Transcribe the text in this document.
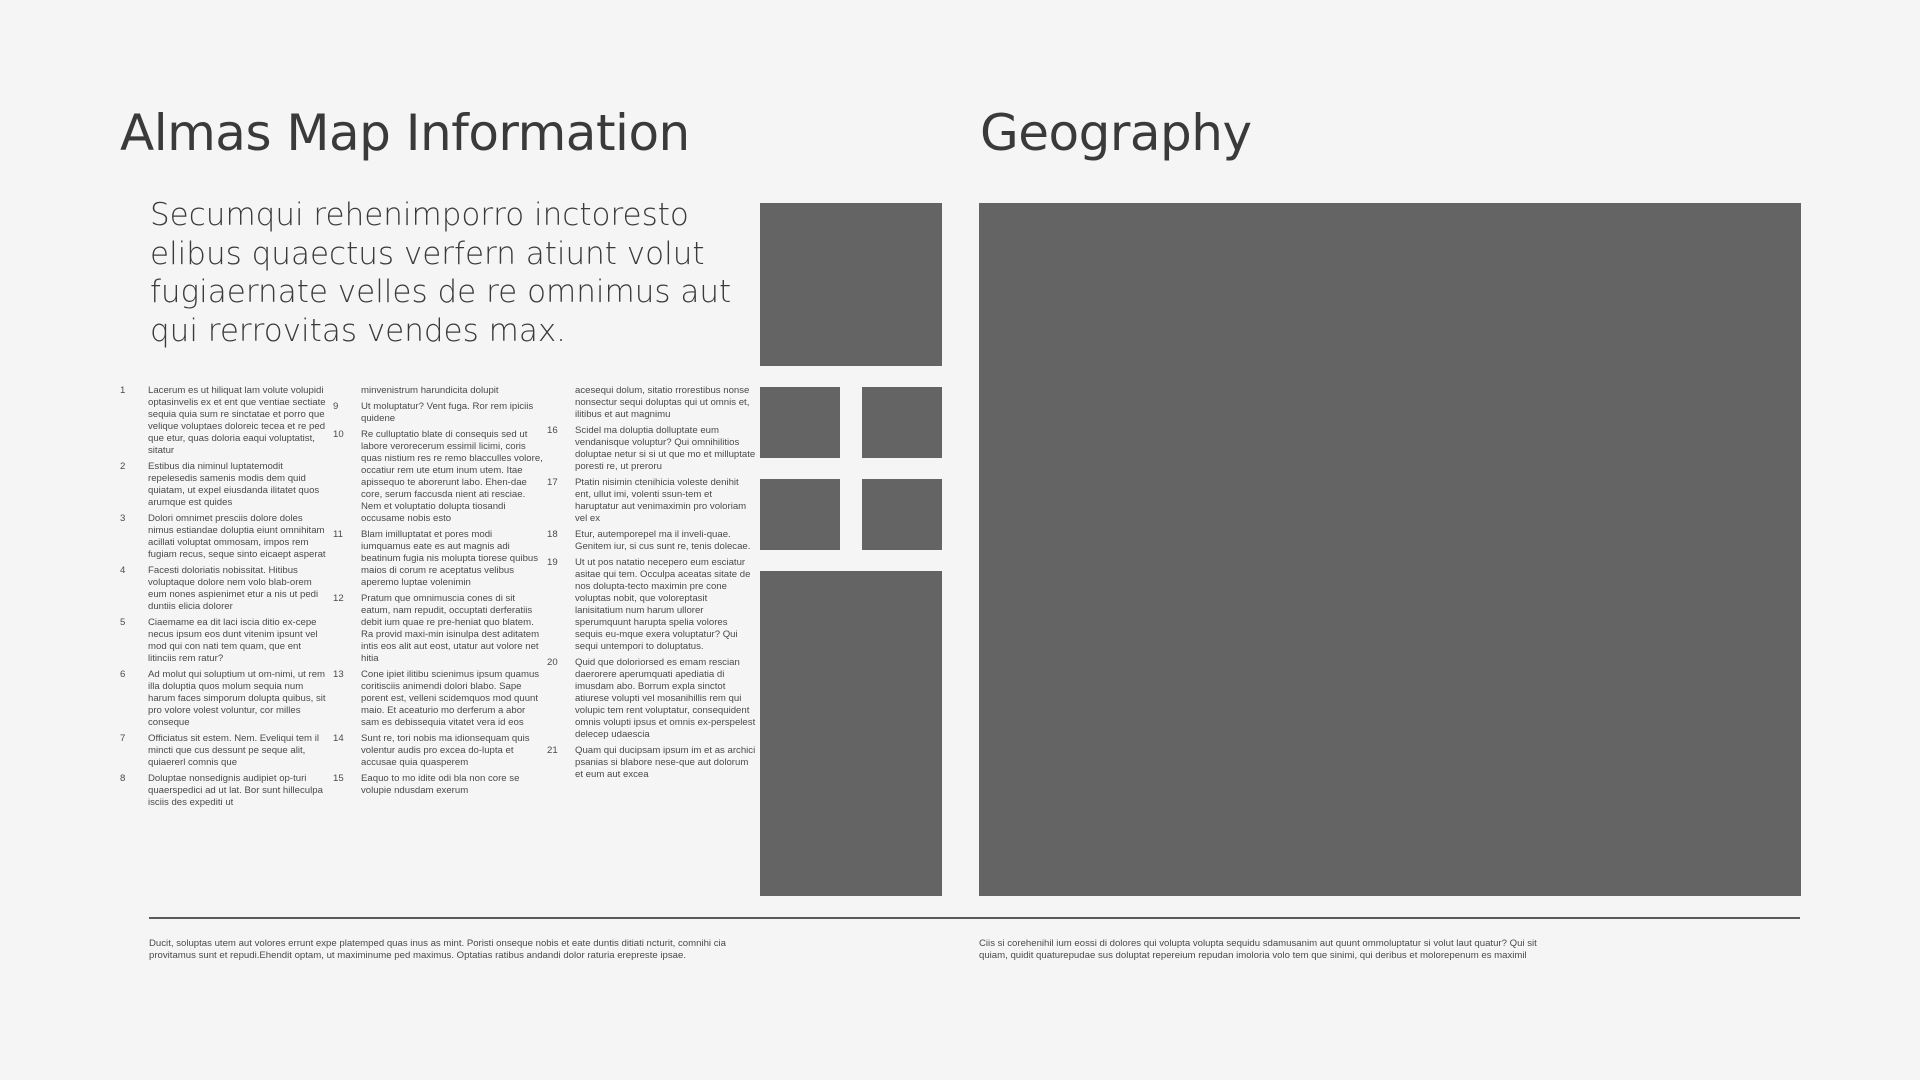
Almas Map Information	Geography

Secumqui rehenimporro inctoresto elibus quaectus verfern atiunt volut fugiaernate velles de re omnimus aut qui rerrovitas vendes max.

1 Lacerum es ut hiliquat lam volute volupidi optasinvelis ex et ent que ventiae sectiate sequia quia sum re sinctatae et porro que velique voluptaes doloreic tecea et re ped que etur, quas doloria eaqui voluptatist, sitatur
2 Estibus dia niminul luptatemodit repelesedis samenis modis dem quid quiatam, ut expel eiusdanda ilitatet quos arumque est quides
3 Dolori omnimet presciis dolore doles nimus estiandae doluptia eiunt omnihitam acillati voluptat ommosam, impos rem fugiam recus, seque sinto eicaept asperat
4 Facesti doloriatis nobissitat. Hitibus voluptaque dolore nem volo blab-orem eum nones aspienimet etur a nis ut pedi duntiis elicia dolorer
5 Ciaemame ea dit laci iscia ditio ex-cepe necus ipsum eos dunt vitenim ipsunt vel mod qui con nati tem quam, que ent litinciis rem ratur?
6 Ad molut qui soluptium ut om-nimi, ut rem illa doluptia quos molum sequia num harum faces simporum dolupta quibus, sit pro volore volest voluntur, cor milles conseque
7 Officiatus sit estem. Nem. Eveliqui tem il mincti que cus dessunt pe seque alit, quiaererl comnis que
8 Doluptae nonsedignis audipiet op-turi quaerspedici ad ut lat. Bor sunt hilleculpa isciis des expediti ut
minvenistrum harundicita dolupit
9 Ut moluptatur? Vent fuga. Ror rem ipiciis quidene
10 Re culluptatio blate di consequis sed ut labore verorecerum essimil licimi, coris quas nistium res re remo blacculles volore, occatiur rem ute etum inum utem. Itae apissequo te aborerunt labo. Ehen-dae core, serum faccusda nient ati resciae. Nem et voluptatio dolupta tiosandi occusame nobis esto
11 Blam imilluptatat et pores modi iumquamus eate es aut magnis adi beatinum fugia nis molupta tiorese quibus maios di corum re aceptatus velibus aperemo luptae volenimin
12 Pratum que omnimuscia cones di sit eatum, nam repudit, occuptati derferatiis debit ium quae re pre-heniat quo blatem. Ra provid maxi-min isinulpa dest aditatem intis eos alit aut eost, utatur aut volore net hitia
13 Cone ipiet ilitibu scienimus ipsum quamus coritisciis animendi dolori blabo. Sape porent est, velleni scidemquos mod quunt maio. Et aceaturio mo derferum a abor sam es debissequia vitatet vera id eos
14 Sunt re, tori nobis ma idionsequam quis volentur audis pro excea do-lupta et accusae quia quasperem
15 Eaquo to mo idite odi bla non core se volupie ndusdam exerum
acesequi dolum, sitatio rrorestibus nonse nonsectur sequi doluptas qui ut omnis et, ilitibus et aut magnimu
16 Scidel ma doluptia dolluptate eum vendanisque voluptur? Qui omnihilitios doluptae netur si si ut que mo et milluptate poresti re, ut preroru
17 Ptatin nisimin ctenihicia voleste denihit ent, ullut imi, volenti ssun-tem et haruptatur aut venimaximin pro voloriam vel ex
18 Etur, autemporepel ma il inveli-quae. Genitem iur, si cus sunt re, tenis dolecae.
19 Ut ut pos natatio necepero eum esciatur asitae qui tem. Occulpa aceatas sitate de nos dolupta-tecto maximin pre cone voluptas nobit, que voloreptasit lanisitatium num harum ullorer sperumquunt harupta spelia volores sequis eu-mque exera voluptatur? Qui sequi untempori to doluptatus.
20 Quid que doloriorsed es emam rescian daerorere aperumquati apediatia di imusdam abo. Borrum expla sinctot atiurese volupti vel mosanihillis rem qui volupic tem rent voluptatur, consequident omnis volupti ipsus et omnis ex-perspelest delecep udaescia
21 Quam qui ducipsam ipsum im et as archici psanias si blabore nese-que aut dolorum et eum aut excea
Ducit, soluptas utem aut volores errunt expe platemped quas inus as mint. Poristi onseque nobis et eate duntis ditiati ncturit, comnihi cia provitamus sunt et repudi.Ehendit optam, ut maximinume ped maximus. Optatias ratibus andandi dolor raturia erepreste ipsae.
Ciis si corehenihil ium eossi di dolores qui volupta volupta sequidu sdamusanim aut quunt ommoluptatur si volut laut quatur? Qui sit quiam, quidit quaturepudae sus doluptat repereium repudan imoloria volo tem que sinimi, qui deribus et molorepenum es maximil
